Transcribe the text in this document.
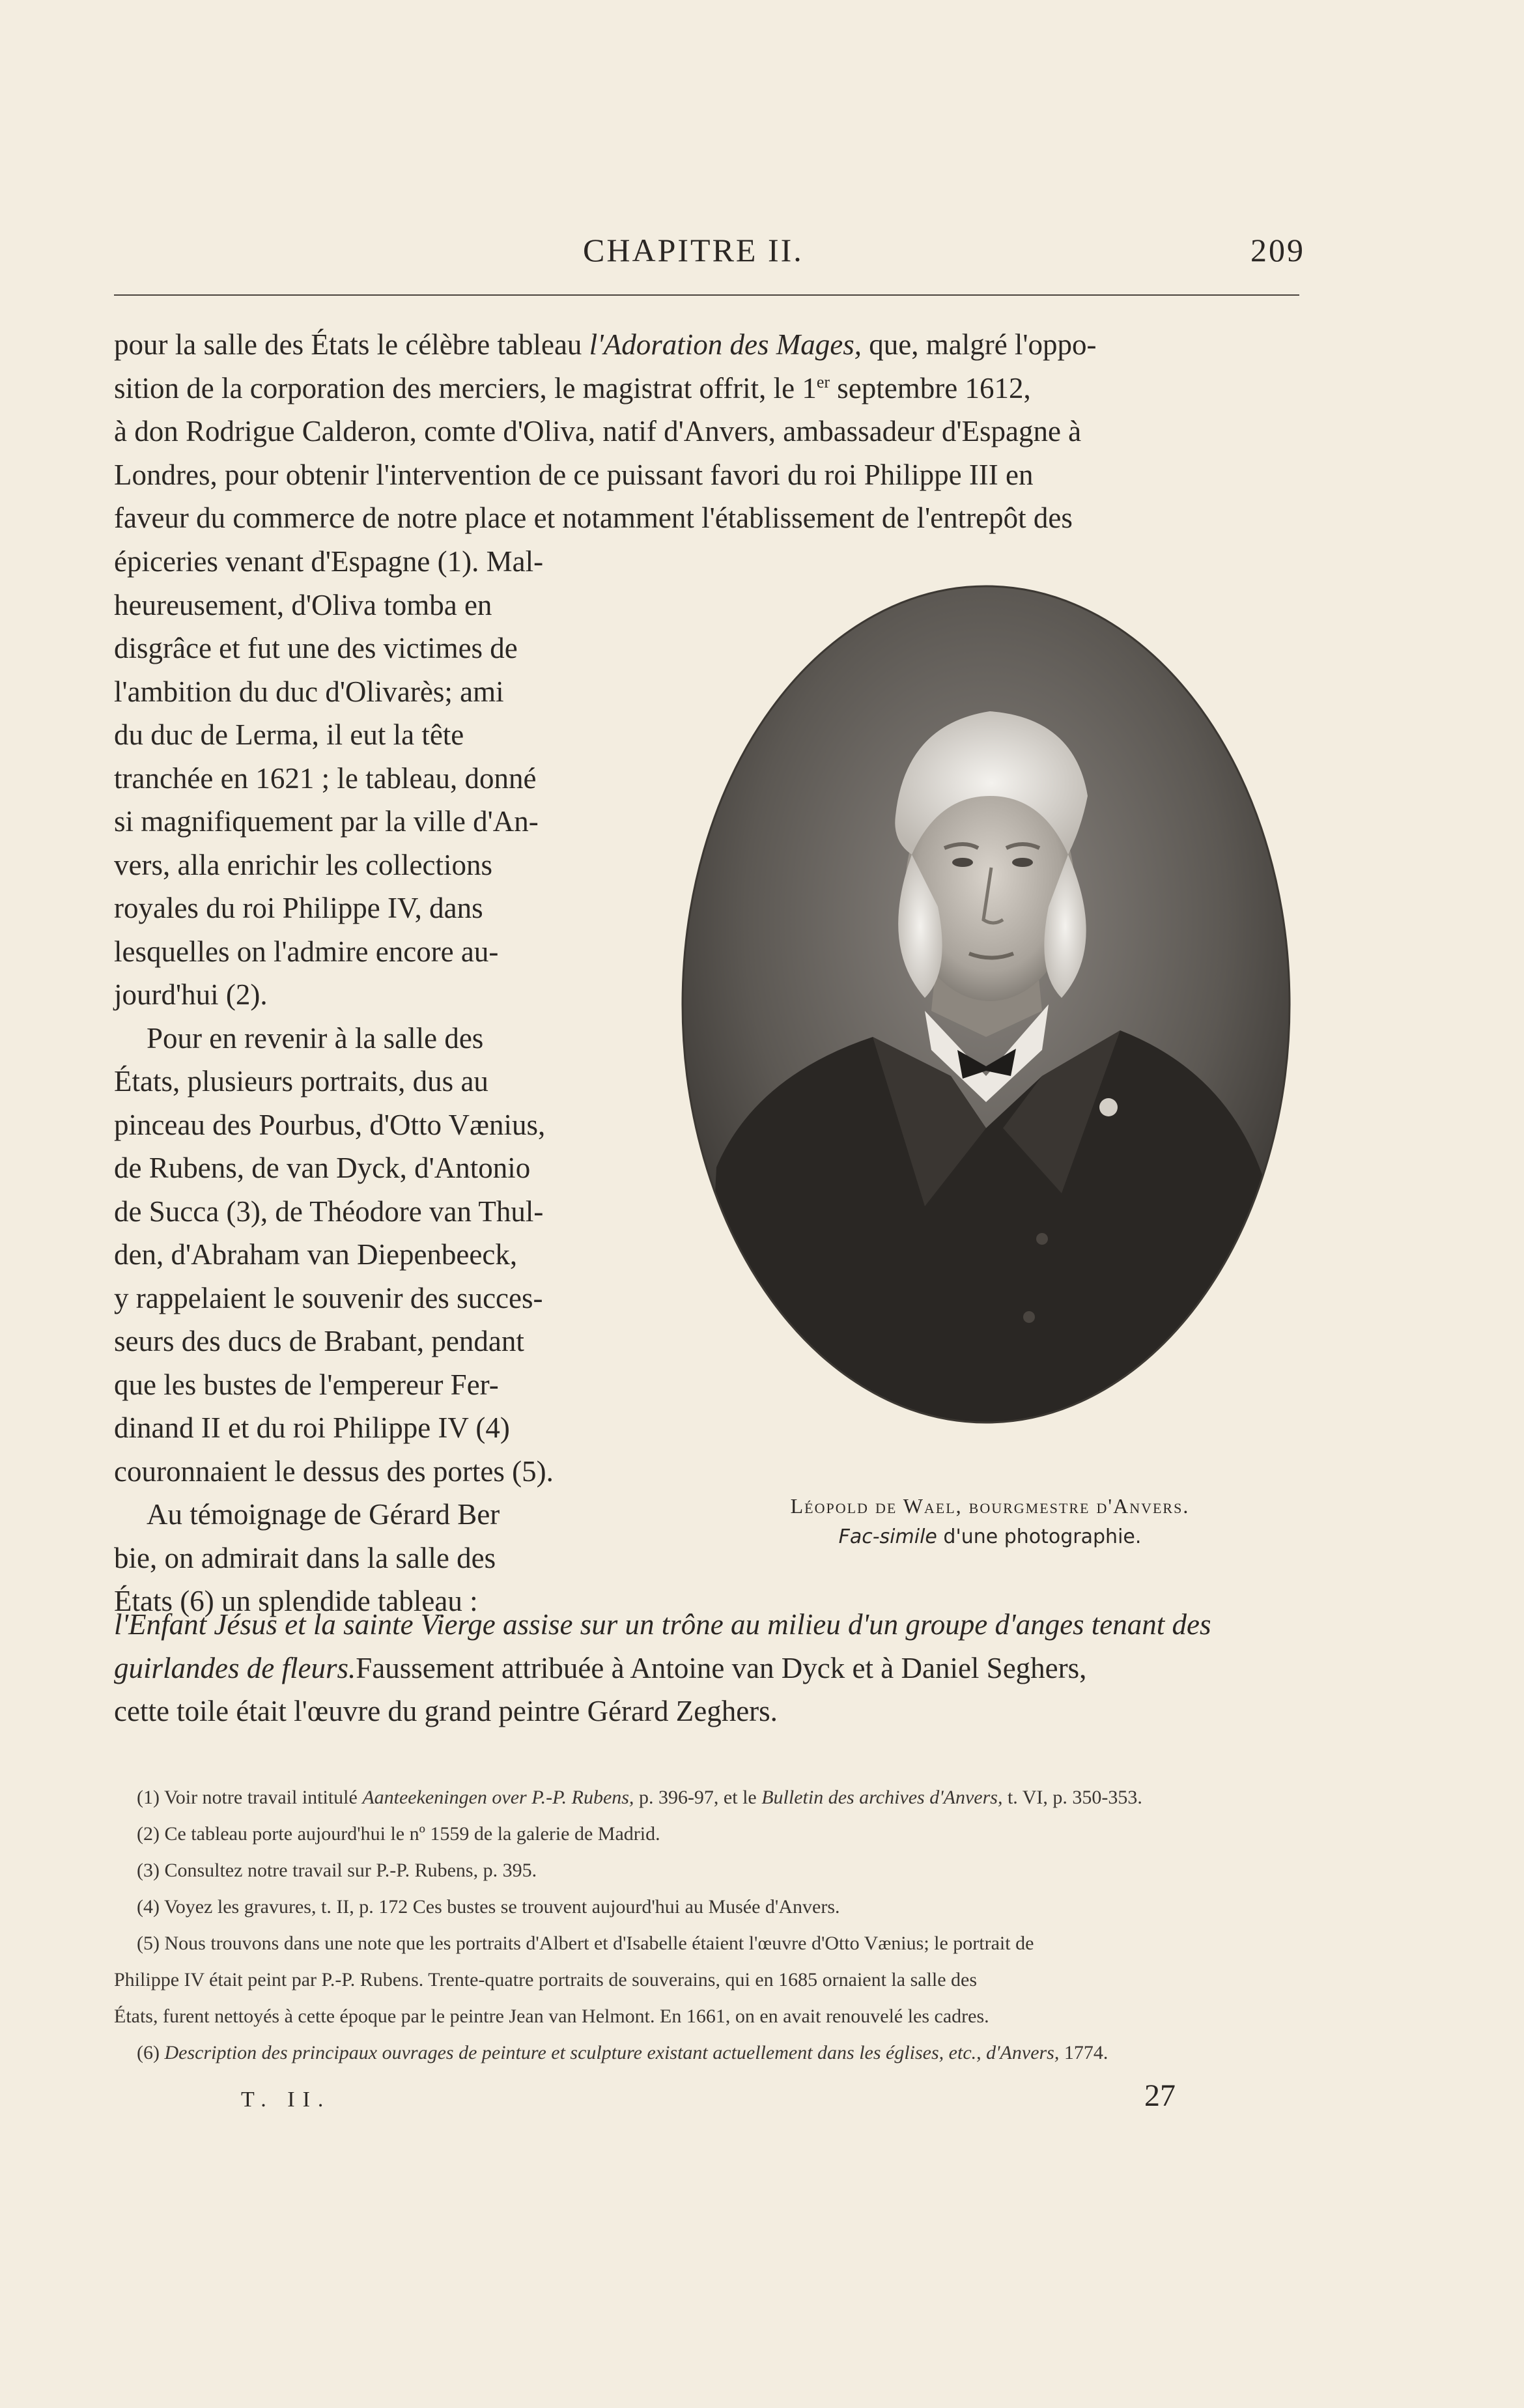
CHAPITRE II.	209
pour la salle des États le célèbre tableau l'Adoration des Mages, que, malgré l'oppo-
sition de la corporation des merciers, le magistrat offrit, le 1er septembre 1612,
à don Rodrigue Calderon, comte d'Oliva, natif d'Anvers, ambassadeur d'Espagne à
Londres, pour obtenir l'intervention de ce puissant favori du roi Philippe III en
faveur du commerce de notre place et notamment l'établissement de l'entrepôt des
épiceries venant d'Espagne (1). Mal-
heureusement, d'Oliva tomba en
disgrâce et fut une des victimes de
l'ambition du duc d'Olivarès; ami
du duc de Lerma, il eut la tête
tranchée en 1621 ; le tableau, donné
si magnifiquement par la ville d'An-
vers, alla enrichir les collections
royales du roi Philippe IV, dans
lesquelles on l'admire encore au-
jourd'hui (2).
Pour en revenir à la salle des
États, plusieurs portraits, dus au
pinceau des Pourbus, d'Otto Vænius,
de Rubens, de van Dyck, d'Antonio
de Succa (3), de Théodore van Thul-
den, d'Abraham van Diepenbeeck,
y rappelaient le souvenir des succes-
seurs des ducs de Brabant, pendant
que les bustes de l'empereur Fer-
dinand II et du roi Philippe IV (4)
couronnaient le dessus des portes (5).
Au témoignage de Gérard Ber
bie, on admirait dans la salle des
États (6) un splendide tableau :
Léopold de Wael, bourgmestre d'Anvers.
Fac-simile d'une photographie.
l'Enfant Jésus et la sainte Vierge assise sur un trône au milieu d'un groupe d'anges tenant des
guirlandes de fleurs. Faussement attribuée à Antoine van Dyck et à Daniel Seghers,
cette toile était l'œuvre du grand peintre Gérard Zeghers.
(1) Voir notre travail intitulé Aanteekeningen over P.-P. Rubens, p. 396-97, et le Bulletin des archives d'Anvers, t. VI, p. 350-353.
(2) Ce tableau porte aujourd'hui le nº 1559 de la galerie de Madrid.
(3) Consultez notre travail sur P.-P. Rubens, p. 395.
(4) Voyez les gravures, t. II, p. 172 Ces bustes se trouvent aujourd'hui au Musée d'Anvers.
(5) Nous trouvons dans une note que les portraits d'Albert et d'Isabelle étaient l'œuvre d'Otto Vænius; le portrait de
Philippe IV était peint par P.-P. Rubens. Trente-quatre portraits de souverains, qui en 1685 ornaient la salle des
États, furent nettoyés à cette époque par le peintre Jean van Helmont. En 1661, on en avait renouvelé les cadres.
(6) Description des principaux ouvrages de peinture et sculpture existant actuellement dans les églises, etc., d'Anvers, 1774.
T. II.	27
